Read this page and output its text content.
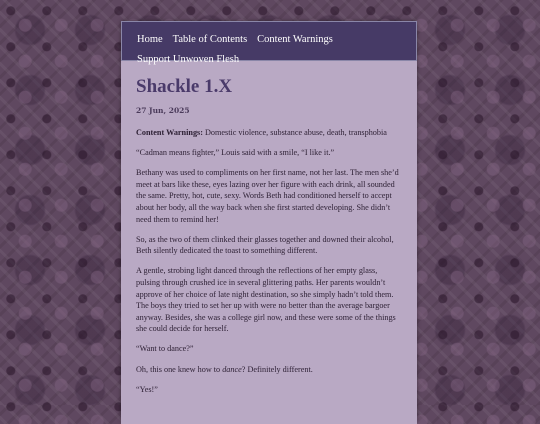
Home Table of Contents Content Warnings
Support Unwoven Flesh
Shackle 1.X
27 Jun, 2025

Content Warnings: Domestic violence, substance abuse, death, transphobia

“Cadman means fighter,” Louis said with a smile, “I like it.”

Bethany was used to compliments on her first name, not her last. The men she’d meet at bars like these, eyes lazing over her figure with each drink, all sounded the same. Pretty, hot, cute, sexy. Words Beth had conditioned herself to accept about her body, all the way back when she first started developing. She didn’t need them to remind her!

So, as the two of them clinked their glasses together and downed their alcohol, Beth silently dedicated the toast to something different.

A gentle, strobing light danced through the reflections of her empty glass, pulsing through crushed ice in several glittering paths. Her parents wouldn’t approve of her choice of late night destination, so she simply hadn’t told them. The boys they tried to set her up with were no better than the average bargoer anyway. Besides, she was a college girl now, and these were some of the things she could decide for herself.

“Want to dance?”

Oh, this one knew how to dance? Definitely different.

“Yes!”
